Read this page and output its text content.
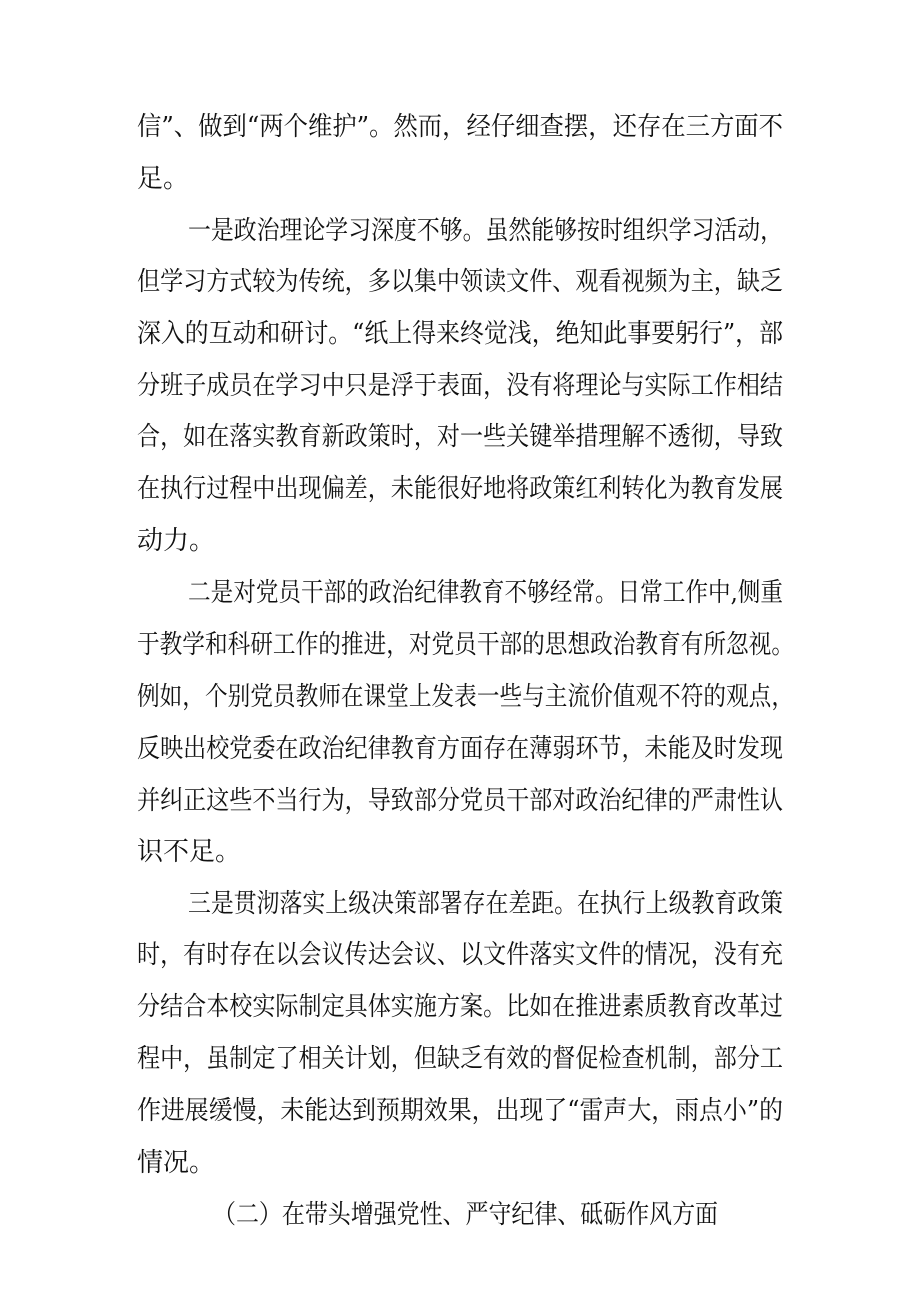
信”、做到“两个维护”。然而，经仔细查摆，还存在三方面不
足。
一是政治理论学习深度不够。虽然能够按时组织学习活动，
但学习方式较为传统，多以集中领读文件、观看视频为主，缺乏
深入的互动和研讨。“纸上得来终觉浅，绝知此事要躬行”，部
分班子成员在学习中只是浮于表面，没有将理论与实际工作相结
合，如在落实教育新政策时，对一些关键举措理解不透彻，导致
在执行过程中出现偏差，未能很好地将政策红利转化为教育发展
动力。
二是对党员干部的政治纪律教育不够经常。日常工作中,侧重
于教学和科研工作的推进，对党员干部的思想政治教育有所忽视。
例如，个别党员教师在课堂上发表一些与主流价值观不符的观点，
反映出校党委在政治纪律教育方面存在薄弱环节，未能及时发现
并纠正这些不当行为，导致部分党员干部对政治纪律的严肃性认
识不足。
三是贯沏落实上级决策部署存在差距。在执行上级教育政策
时，有时存在以会议传达会议、以文件落实文件的情况，没有充
分结合本校实际制定具体实施方案。比如在推进素质教育改革过
程中，虽制定了相关计划，但缺乏有效的督促检查机制，部分工
作进展缓慢，未能达到预期效果，出现了“雷声大，雨点小”的
情况。
（二）在带头增强党性、严守纪律、砥砺作风方面
